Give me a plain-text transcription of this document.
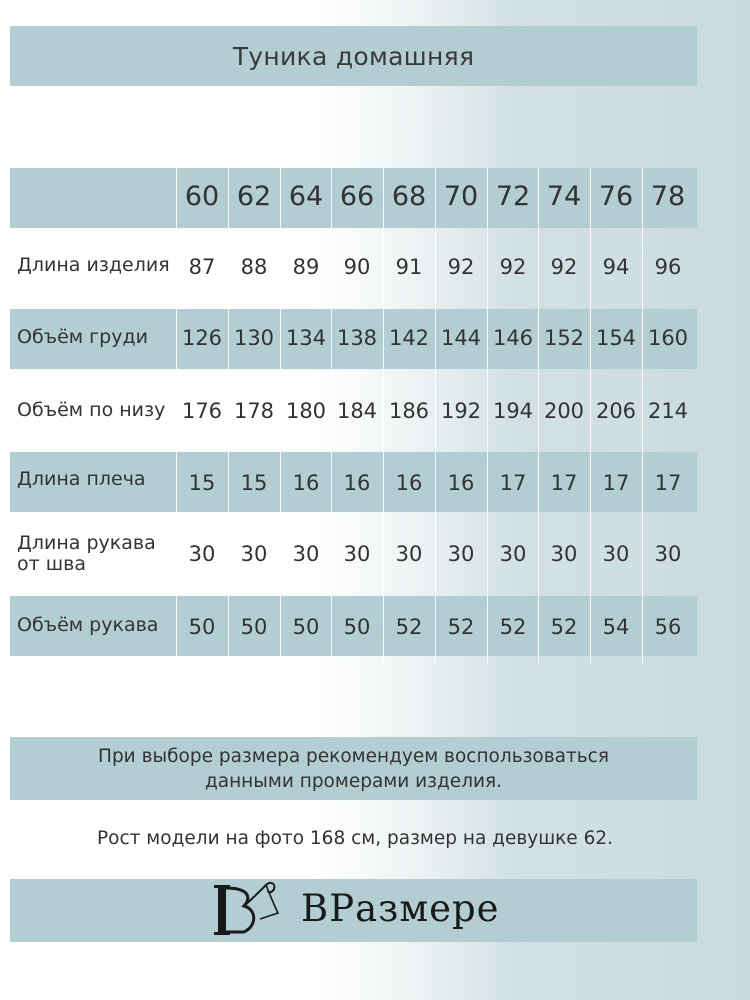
Туника домашняя
60 62 64 66 68 70 72 74 76 78
Длина изделия 87	88	89	90	91	92	92	92	94	96
Объём груди 126 130 134 138 142 144 146 152 154 160
Объём по низу 176 178 180 184 186 192 194 200 206 214
Длина плеча	15	15	16	16	16	16	17	17	17	17
Длина рукава
от шва	30	30	30	30	30	30	30	30	30	30
Объём рукава	50	50	50	50	52	52	52	52	54	56
При выборе размера рекомендуем воспользоваться
данными промерами изделия.
Рост модели на фото 168 см, размер на девушке 62.
ВРазмере
